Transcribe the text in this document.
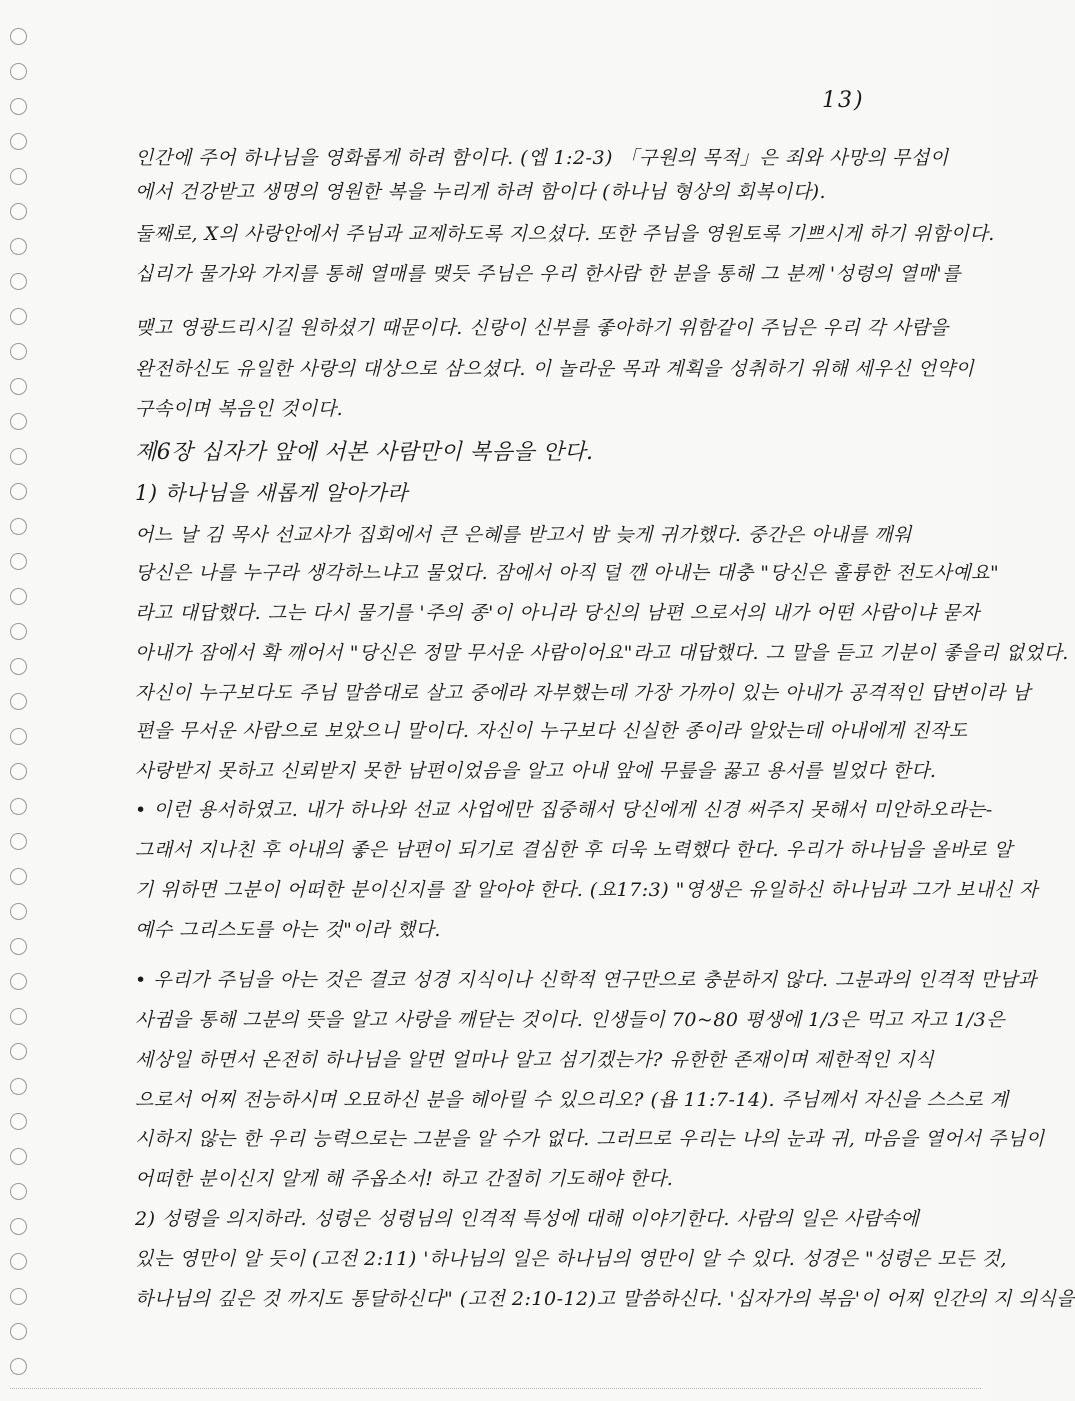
13)
인간에 주어 하나님을 영화롭게 하려 함이다. (엡 1:2-3) 「구원의 목적」은 죄와 사망의 무섭이
에서 건강받고 생명의 영원한 복을 누리게 하려 함이다 (하나님 형상의 회복이다).
둘째로, X의 사랑안에서 주님과 교제하도록 지으셨다. 또한 주님을 영원토록 기쁘시게 하기 위함이다.
십리가 물가와 가지를 통해 열매를 맺듯 주님은 우리 한사람 한 분을 통해 그 분께 '성령의 열매'를
맺고 영광드리시길 원하셨기 때문이다. 신랑이 신부를 좋아하기 위함같이 주님은 우리 각 사람을
완전하신도 유일한 사랑의 대상으로 삼으셨다. 이 놀라운 목과 계획을 성취하기 위해 세우신 언약이
구속이며 복음인 것이다.
제6장 십자가 앞에 서본 사람만이 복음을 안다.
1) 하나님을 새롭게 알아가라
어느 날 김 목사 선교사가 집회에서 큰 은혜를 받고서 밤 늦게 귀가했다. 중간은 아내를 깨워
당신은 나를 누구라 생각하느냐고 물었다. 잠에서 아직 덜 깬 아내는 대충 "당신은 훌륭한 전도사예요"
라고 대답했다. 그는 다시 물기를 '주의 종'이 아니라 당신의 남편 으로서의 내가 어떤 사람이냐 묻자
아내가 잠에서 확 깨어서 "당신은 정말 무서운 사람이어요"라고 대답했다. 그 말을 듣고 기분이 좋을리 없었다.
자신이 누구보다도 주님 말씀대로 살고 중에라 자부했는데 가장 가까이 있는 아내가 공격적인 답변이라 남
편을 무서운 사람으로 보았으니 말이다. 자신이 누구보다 신실한 종이라 알았는데 아내에게 진작도
사랑받지 못하고 신뢰받지 못한 남편이었음을 알고 아내 앞에 무릎을 꿇고 용서를 빌었다 한다.
• 이런 용서하였고. 내가 하나와 선교 사업에만 집중해서 당신에게 신경 써주지 못해서 미안하오라는-
그래서 지나친 후 아내의 좋은 남편이 되기로 결심한 후 더욱 노력했다 한다. 우리가 하나님을 올바로 알
기 위하면 그분이 어떠한 분이신지를 잘 알아야 한다. (요17:3) "영생은 유일하신 하나님과 그가 보내신 자
예수 그리스도를 아는 것"이라 했다.
• 우리가 주님을 아는 것은 결코 성경 지식이나 신학적 연구만으로 충분하지 않다. 그분과의 인격적 만남과
사귐을 통해 그분의 뜻을 알고 사랑을 깨닫는 것이다. 인생들이 70~80 평생에 1/3은 먹고 자고 1/3은
세상일 하면서 온전히 하나님을 알면 얼마나 알고 섬기겠는가? 유한한 존재이며 제한적인 지식
으로서 어찌 전능하시며 오묘하신 분을 헤아릴 수 있으리오? (욥 11:7-14). 주님께서 자신을 스스로 계
시하지 않는 한 우리 능력으로는 그분을 알 수가 없다. 그러므로 우리는 나의 눈과 귀, 마음을 열어서 주님이
어떠한 분이신지 알게 해 주옵소서! 하고 간절히 기도해야 한다.
2) 성령을 의지하라. 성령은 성령님의 인격적 특성에 대해 이야기한다. 사람의 일은 사람속에
있는 영만이 알 듯이 (고전 2:11) '하나님의 일은 하나님의 영만이 알 수 있다. 성경은 "성령은 모든 것,
하나님의 깊은 것 까지도 통달하신다" (고전 2:10-12)고 말씀하신다. '십자가의 복음'이 어찌 인간의 지 의식을
